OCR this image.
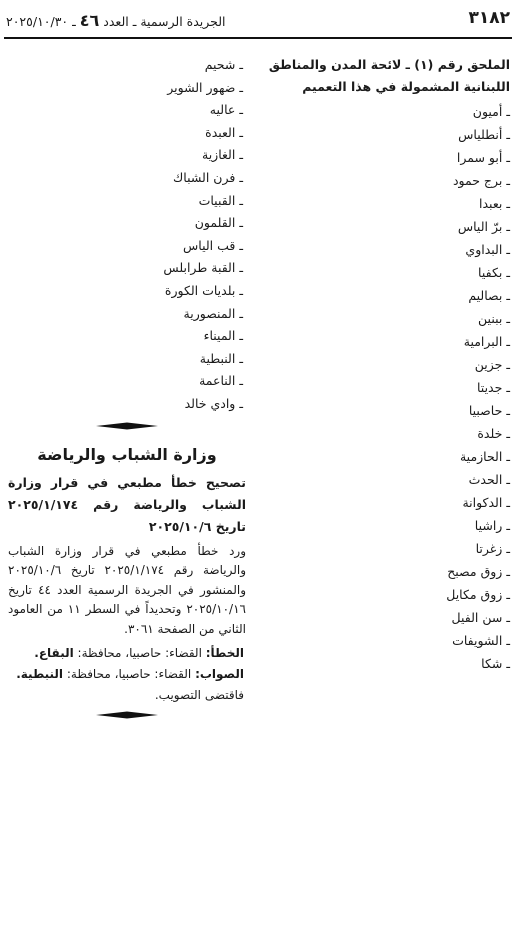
٣١٨٢
الجريدة الرسمية ـ العدد ٤٦ ـ ٢٠٢٥/١٠/٣٠
الملحق رقم (١) ـ لائحة المدن والمناطق اللبنانية المشمولة في هذا التعميم
ـ أميون
ـ أنطلياس
ـ أبو سمرا
ـ برج حمود
ـ بعبدا
ـ برّ الياس
ـ البداوي
ـ بكفيا
ـ بصاليم
ـ ببنين
ـ البرامية
ـ جزين
ـ جديتا
ـ حاصبيا
ـ خلدة
ـ الحازمية
ـ الحدث
ـ الدكوانة
ـ راشيا
ـ زغرتا
ـ زوق مصبح
ـ زوق مكايل
ـ سن الفيل
ـ الشويفات
ـ شكا
ـ شحيم
ـ ضهور الشوير
ـ عاليه
ـ العبدة
ـ الغازية
ـ فرن الشباك
ـ القبيات
ـ القلمون
ـ قب الياس
ـ القبة طرابلس
ـ بلديات الكورة
ـ المنصورية
ـ الميناء
ـ النبطية
ـ الناعمة
ـ وادي خالد
وزارة الشباب والرياضة
تصحيح خطأ مطبعي في قرار وزارة الشباب والرياضة رقم ٢٠٢٥/١/١٧٤ تاريخ ٢٠٢٥/١٠/٦
ورد خطأ مطبعي في قرار وزارة الشباب والرياضة رقم ٢٠٢٥/١/١٧٤ تاريخ ٢٠٢٥/١٠/٦ والمنشور في الجريدة الرسمية العدد ٤٤ تاريخ ٢٠٢٥/١٠/١٦ وتحديداً في السطر ١١ من العامود الثاني من الصفحة ٣٠٦١.
الخطأ: القضاء: حاصبيا، محافظة: البقاع.
الصواب: القضاء: حاصبيا، محافظة: النبطية.
فاقتضى التصويب.
